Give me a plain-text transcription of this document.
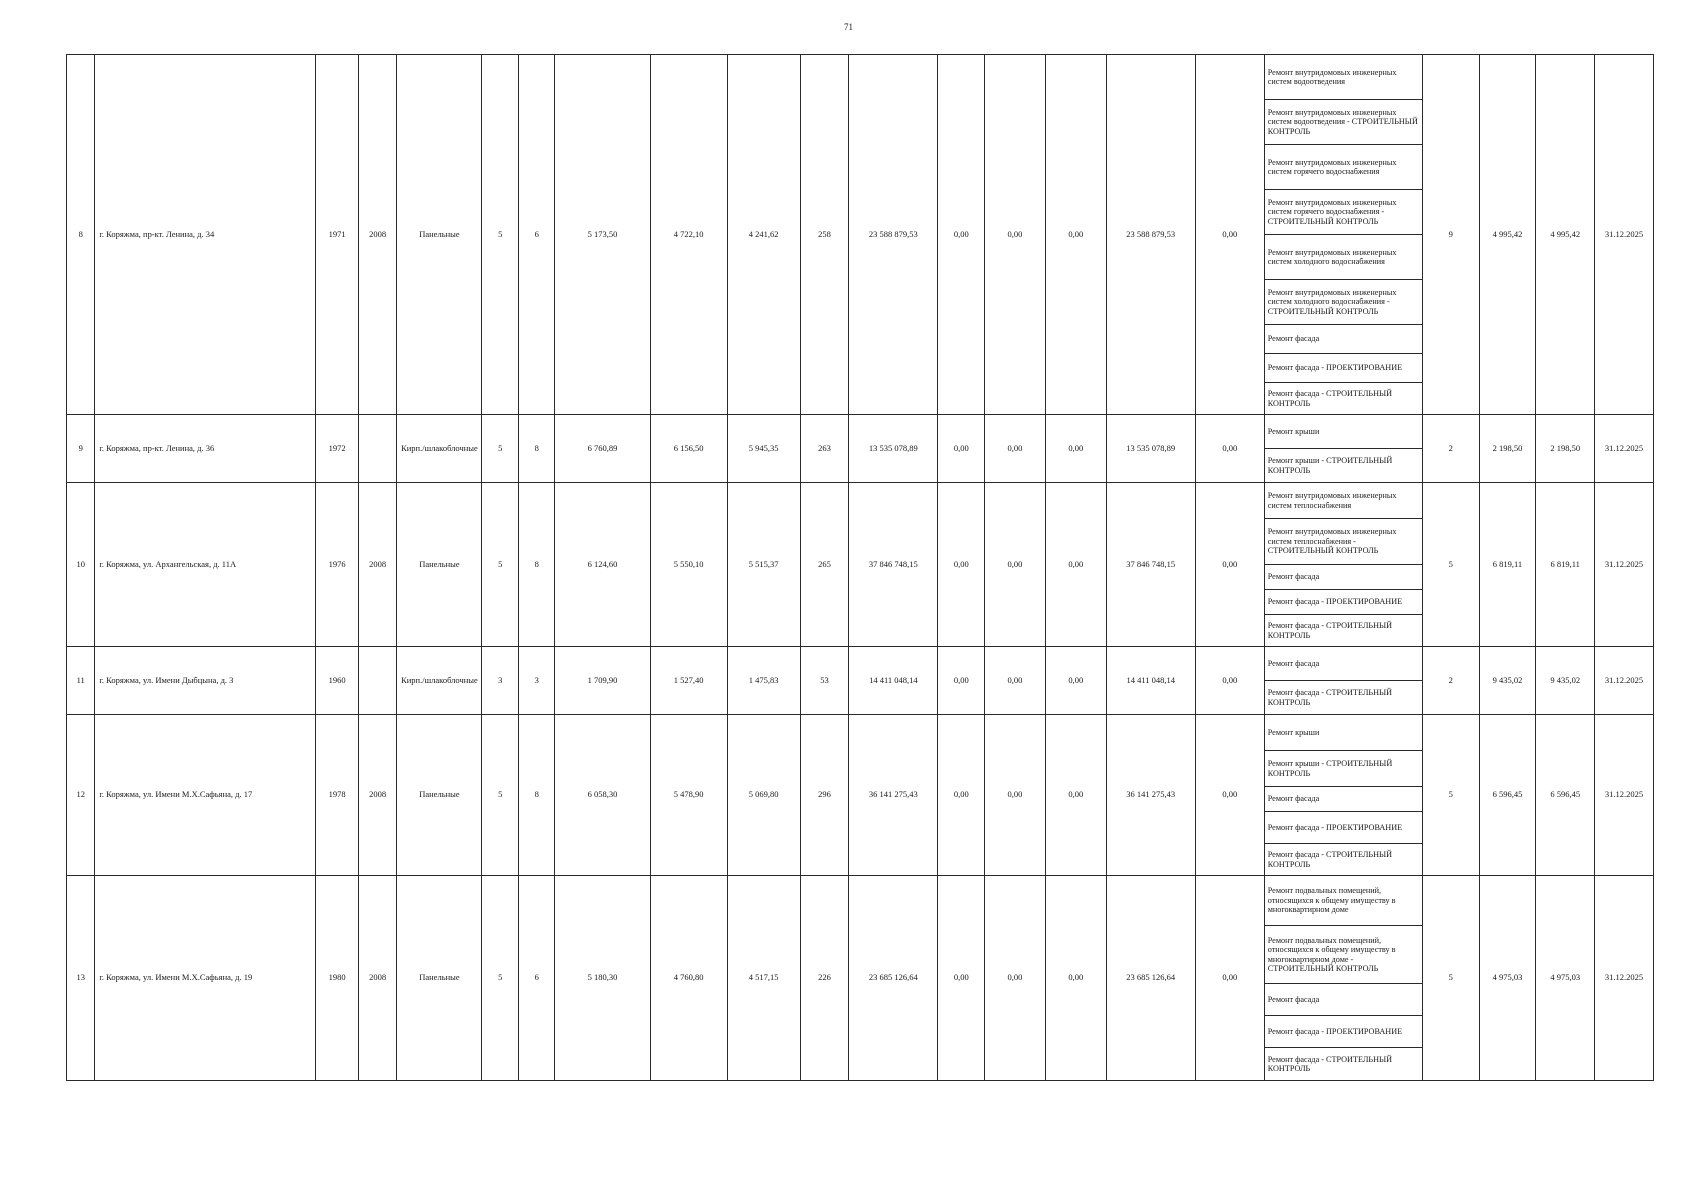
71
8	г. Коряжма, пр-кт. Ленина, д. 34	1971	2008	Панельные	5	6	5 173,50	4 722,10	4 241,62	258	23 588 879,53	0,00	0,00	0,00	23 588 879,53	0,00	Ремонт внутридомовых инженерных систем водоотведения	9	4 995,42	4 995,42	31.12.2025
																	Ремонт внутридомовых инженерных систем водоотведения - СТРОИТЕЛЬНЫЙ КОНТРОЛЬ				
																	Ремонт внутридомовых инженерных систем горячего водоснабжения				
																	Ремонт внутридомовых инженерных систем горячего водоснабжения - СТРОИТЕЛЬНЫЙ КОНТРОЛЬ				
																	Ремонт внутридомовых инженерных систем холодного водоснабжения				
																	Ремонт внутридомовых инженерных систем холодного водоснабжения - СТРОИТЕЛЬНЫЙ КОНТРОЛЬ				
																	Ремонт фасада				
																	Ремонт фасада - ПРОЕКТИРОВАНИЕ				
																	Ремонт фасада - СТРОИТЕЛЬНЫЙ КОНТРОЛЬ				
9	г. Коряжма, пр-кт. Ленина, д. 36	1972		Кирп./шлакоблочные	5	8	6 760,89	6 156,50	5 945,35	263	13 535 078,89	0,00	0,00	0,00	13 535 078,89	0,00	Ремонт крыши	2	2 198,50	2 198,50	31.12.2025
																	Ремонт крыши - СТРОИТЕЛЬНЫЙ КОНТРОЛЬ				
10	г. Коряжма, ул. Архангельская, д. 11А	1976	2008	Панельные	5	8	6 124,60	5 550,10	5 515,37	265	37 846 748,15	0,00	0,00	0,00	37 846 748,15	0,00	Ремонт внутридомовых инженерных систем теплоснабжения	5	6 819,11	6 819,11	31.12.2025
																	Ремонт внутридомовых инженерных систем теплоснабжения - СТРОИТЕЛЬНЫЙ КОНТРОЛЬ				
																	Ремонт фасада				
																	Ремонт фасада - ПРОЕКТИРОВАНИЕ				
																	Ремонт фасада - СТРОИТЕЛЬНЫЙ КОНТРОЛЬ				
11	г. Коряжма, ул. Имени Дыбцына, д. 3	1960		Кирп./шлакоблочные	3	3	1 709,90	1 527,40	1 475,83	53	14 411 048,14	0,00	0,00	0,00	14 411 048,14	0,00	Ремонт фасада	2	9 435,02	9 435,02	31.12.2025
																	Ремонт фасада - СТРОИТЕЛЬНЫЙ КОНТРОЛЬ				
12	г. Коряжма, ул. Имени М.Х.Сафьяна, д. 17	1978	2008	Панельные	5	8	6 058,30	5 478,90	5 069,80	296	36 141 275,43	0,00	0,00	0,00	36 141 275,43	0,00	Ремонт крыши	5	6 596,45	6 596,45	31.12.2025
																	Ремонт крыши - СТРОИТЕЛЬНЫЙ КОНТРОЛЬ				
																	Ремонт фасада				
																	Ремонт фасада - ПРОЕКТИРОВАНИЕ				
																	Ремонт фасада - СТРОИТЕЛЬНЫЙ КОНТРОЛЬ				
13	г. Коряжма, ул. Имени М.Х.Сафьяна, д. 19	1980	2008	Панельные	5	6	5 180,30	4 760,80	4 517,15	226	23 685 126,64	0,00	0,00	0,00	23 685 126,64	0,00	Ремонт подвальных помещений, относящихся к общему имуществу в многоквартирном доме	5	4 975,03	4 975,03	31.12.2025
																	Ремонт подвальных помещений, относящихся к общему имуществу в многоквартирном доме - СТРОИТЕЛЬНЫЙ КОНТРОЛЬ				
																	Ремонт фасада				
																	Ремонт фасада - ПРОЕКТИРОВАНИЕ				
																	Ремонт фасада - СТРОИТЕЛЬНЫЙ КОНТРОЛЬ				
